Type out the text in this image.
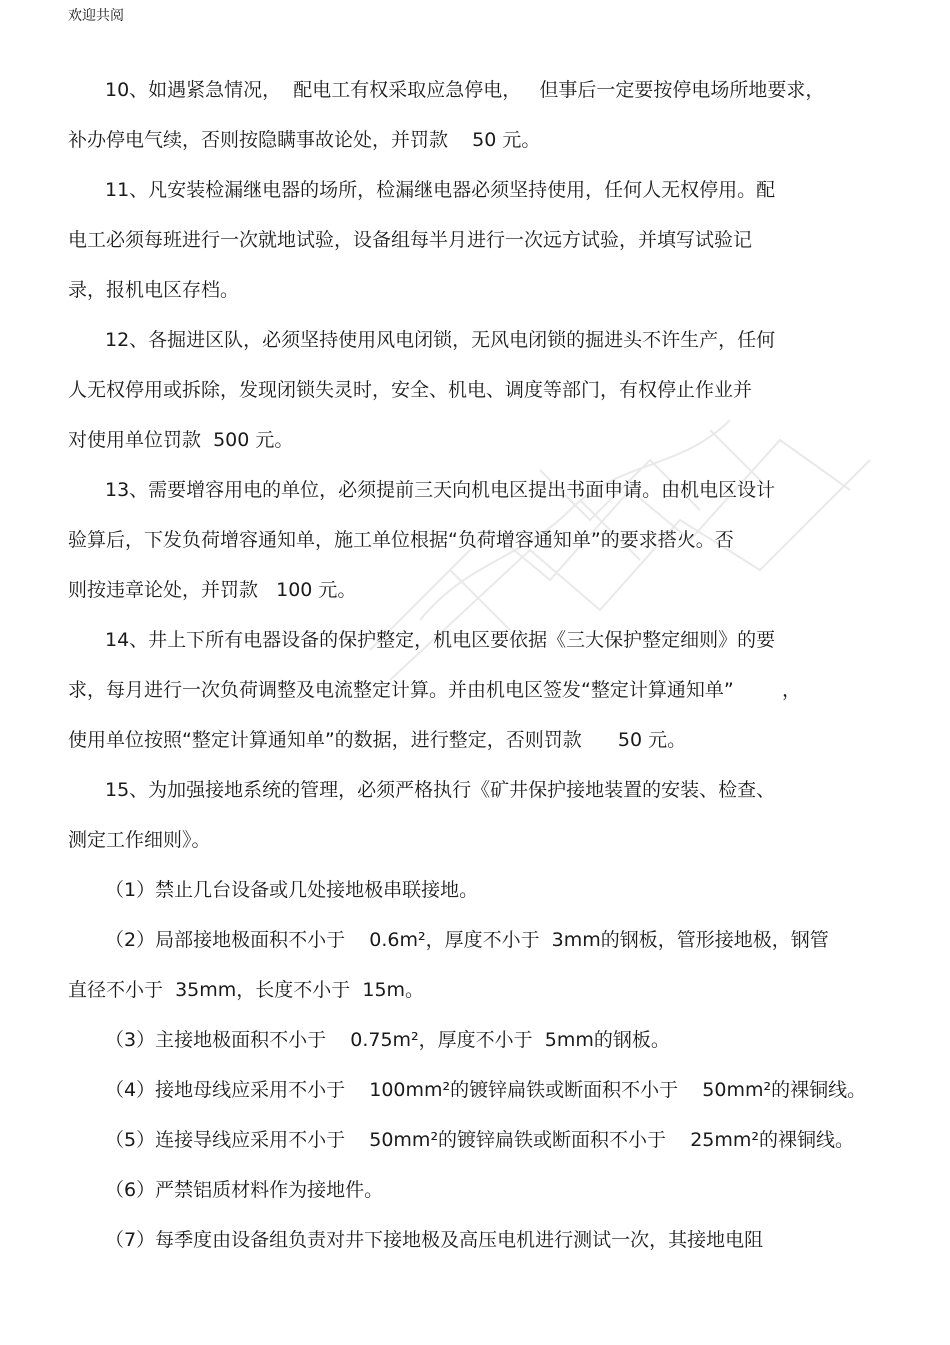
欢迎共阅
10、如遇紧急情况，  配电工有权采取应急停电，   但事后一定要按停电场所地要求，
补办停电气续，否则按隐瞒事故论处，并罚款    50 元。
11、凡安装检漏继电器的场所，检漏继电器必须坚持使用，任何人无权停用。配
电工必须每班进行一次就地试验，设备组每半月进行一次远方试验，并填写试验记
录，报机电区存档。
12、各掘进区队，必须坚持使用风电闭锁，无风电闭锁的掘进头不许生产，任何
人无权停用或拆除，发现闭锁失灵时，安全、机电、调度等部门，有权停止作业并
对使用单位罚款  500 元。
13、需要增容用电的单位，必须提前三天向机电区提出书面申请。由机电区设计
验算后，下发负荷增容通知单，施工单位根据“负荷增容通知单”的要求搭火。否
则按违章论处，并罚款   100 元。
14、井上下所有电器设备的保护整定，机电区要依据《三大保护整定细则》的要
求，每月进行一次负荷调整及电流整定计算。并由机电区签发“整定计算通知单”        ，
使用单位按照“整定计算通知单”的数据，进行整定，否则罚款      50 元。
15、为加强接地系统的管理，必须严格执行《矿井保护接地装置的安装、检查、
测定工作细则》。
（1）禁止几台设备或几处接地极串联接地。
（2）局部接地极面积不小于    0.6m²，厚度不小于  3mm的钢板，管形接地极，钢管
直径不小于  35mm，长度不小于  15m。
（3）主接地极面积不小于    0.75m²，厚度不小于  5mm的钢板。
（4）接地母线应采用不小于    100mm²的镀锌扁铁或断面积不小于    50mm²的裸铜线。
（5）连接导线应采用不小于    50mm²的镀锌扁铁或断面积不小于    25mm²的裸铜线。
（6）严禁铝质材料作为接地件。
（7）每季度由设备组负责对井下接地极及高压电机进行测试一次，其接地电阻
